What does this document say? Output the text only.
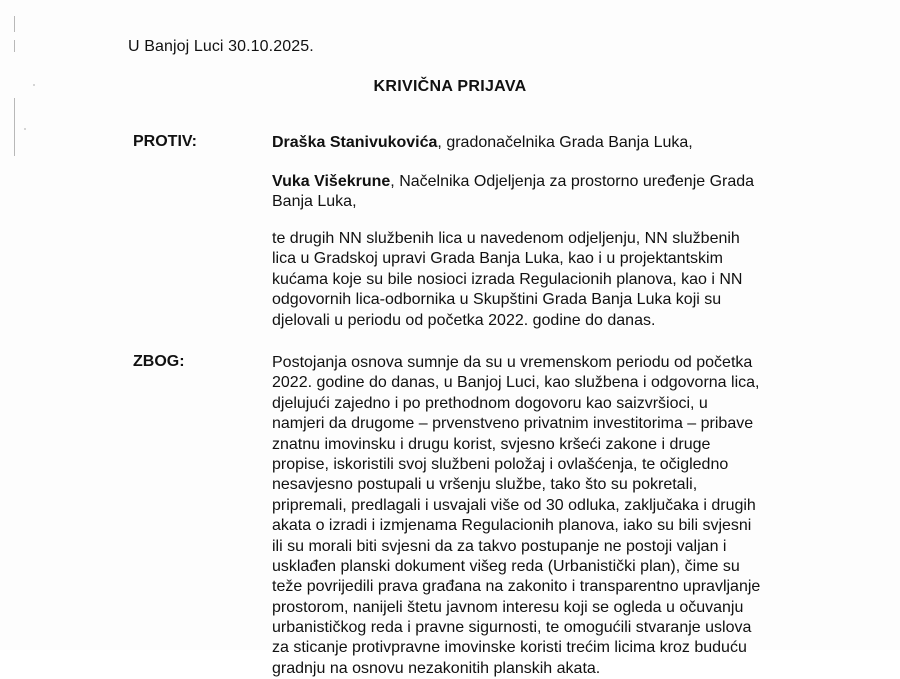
U Banjoj Luci 30.10.2025.
KRIVIČNA PRIJAVA
PROTIV:	Draška Stanivukovića, gradonačelnika Grada Banja Luka,
Vuka Višekrune, Načelnika Odjeljenja za prostorno uređenje Grada
Banja Luka,
te drugih NN službenih lica u navedenom odjeljenju, NN službenih
lica u Gradskoj upravi Grada Banja Luka, kao i u projektantskim
kućama koje su bile nosioci izrada Regulacionih planova, kao i NN
odgovornih lica-odbornika u Skupštini Grada Banja Luka koji su
djelovali u periodu od početka 2022. godine do danas.
ZBOG:	Postojanja osnova sumnje da su u vremenskom periodu od početka
2022. godine do danas, u Banjoj Luci, kao službena i odgovorna lica,
djelujući zajedno i po prethodnom dogovoru kao saizvršioci, u
namjeri da drugome – prvenstveno privatnim investitorima – pribave
znatnu imovinsku i drugu korist, svjesno kršeći zakone i druge
propise, iskoristili svoj službeni položaj i ovlašćenja, te očigledno
nesavjesno postupali u vršenju službe, tako što su pokretali,
pripremali, predlagali i usvajali više od 30 odluka, zaključaka i drugih
akata o izradi i izmjenama Regulacionih planova, iako su bili svjesni
ili su morali biti svjesni da za takvo postupanje ne postoji valjan i
usklađen planski dokument višeg reda (Urbanistički plan), čime su
teže povrijedili prava građana na zakonito i transparentno upravljanje
prostorom, nanijeli štetu javnom interesu koji se ogleda u očuvanju
urbanističkog reda i pravne sigurnosti, te omogućili stvaranje uslova
za sticanje protivpravne imovinske koristi trećim licima kroz buduću
gradnju na osnovu nezakonitih planskih akata.
